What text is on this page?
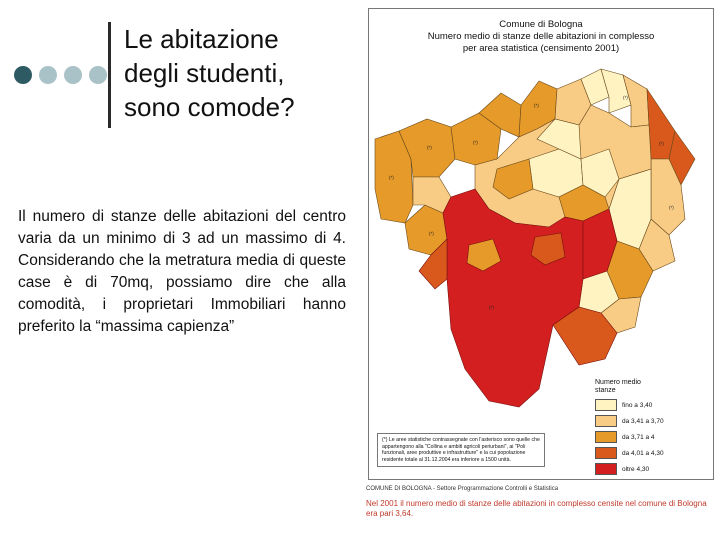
Le abitazione
degli studenti,
sono comode?

Il numero di stanze delle abitazioni del centro varia da un minimo di 3 ad un massimo di 4. Considerando che la metratura media di queste case è di 70mq, possiamo dire che alla comodità, i proprietari Immobiliari hanno preferito la “massima capienza”

Comune di Bologna
Numero medio di stanze delle abitazioni in complesso
per area statistica (censimento 2001)
(*)
(*)
(*)
(*)
(*)
(*)
(*)
(*)
(*)
Numero medio stanze
fino a 3,40
da 3,41 a 3,70
da 3,71 a 4
da 4,01 a 4,30
oltre 4,30
(*) Le aree statistiche contrassegnate con l'asterisco sono quelle che appartengono alla "Collina e ambiti agricoli periurbani", ai "Poli funzionali, aree produttive e infrastrutture" e la cui popolazione residente totale al 31.12.2004 era inferiore a 1500 unità.
COMUNE DI BOLOGNA - Settore Programmazione Controlli e Statistica
Nel 2001 il numero medio di stanze delle abitazioni in complesso censite nel comune di Bologna era pari 3,64.
